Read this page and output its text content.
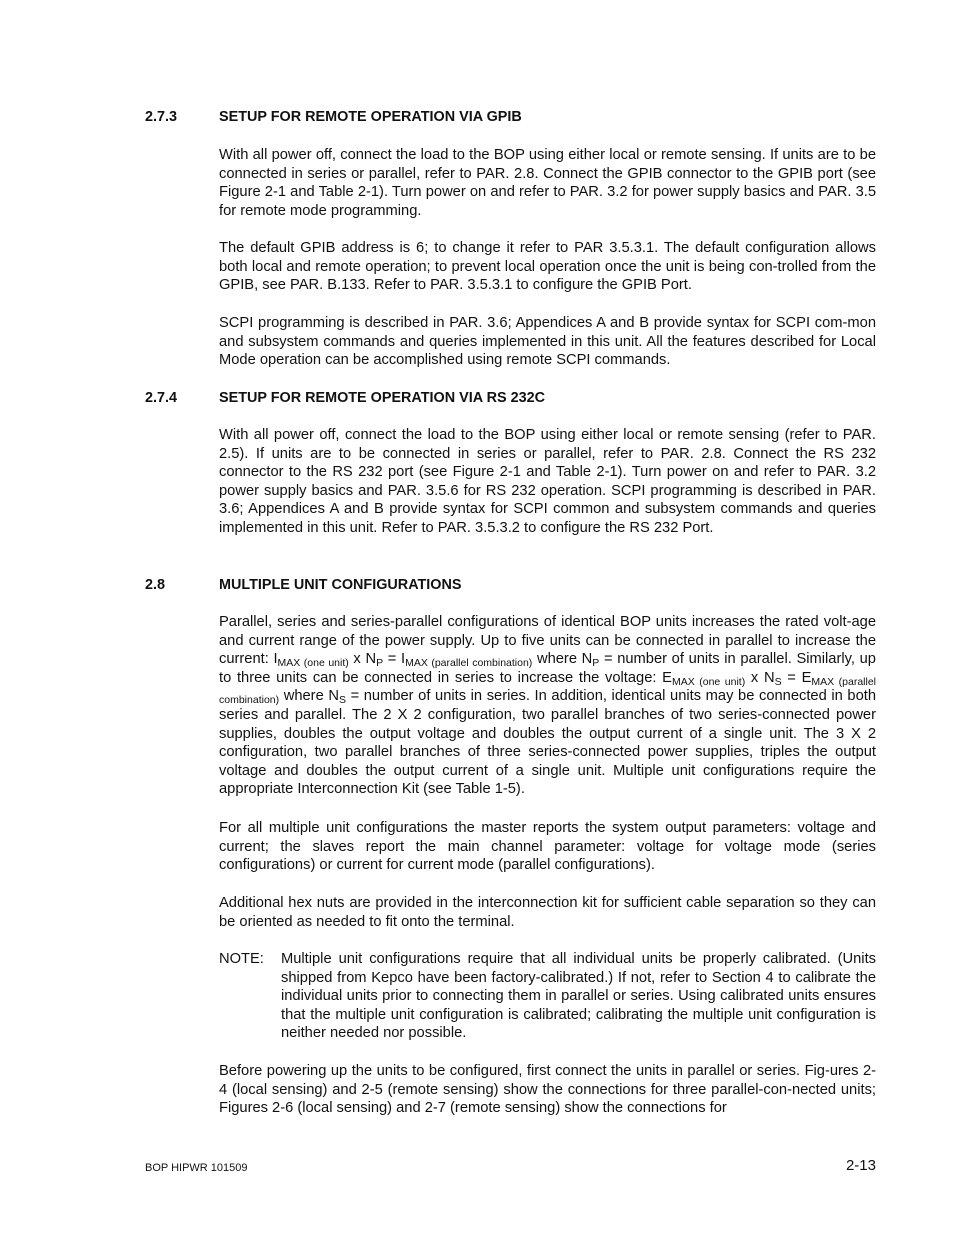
2.7.3	SETUP FOR REMOTE OPERATION VIA GPIB

With all power off, connect the load to the BOP using either local or remote sensing. If units are to be connected in series or parallel, refer to PAR. 2.8. Connect the GPIB connector to the GPIB port (see Figure 2-1 and Table 2-1). Turn power on and refer to PAR. 3.2 for power supply basics and PAR. 3.5 for remote mode programming.

The default GPIB address is 6; to change it refer to PAR 3.5.3.1. The default configuration allows both local and remote operation; to prevent local operation once the unit is being con-trolled from the GPIB, see PAR. B.133. Refer to PAR. 3.5.3.1 to configure the GPIB Port.

SCPI programming is described in PAR. 3.6; Appendices A and B provide syntax for SCPI com-mon and subsystem commands and queries implemented in this unit. All the features described for Local Mode operation can be accomplished using remote SCPI commands.

2.7.4	SETUP FOR REMOTE OPERATION VIA RS 232C

With all power off, connect the load to the BOP using either local or remote sensing (refer to PAR. 2.5). If units are to be connected in series or parallel, refer to PAR. 2.8. Connect the RS 232 connector to the RS 232 port (see Figure 2-1 and Table 2-1). Turn power on and refer to PAR. 3.2 power supply basics and PAR. 3.5.6 for RS 232 operation. SCPI programming is described in PAR. 3.6; Appendices A and B provide syntax for SCPI common and subsystem commands and queries implemented in this unit. Refer to PAR. 3.5.3.2 to configure the RS 232 Port.

2.8	MULTIPLE UNIT CONFIGURATIONS

Parallel, series and series-parallel configurations of identical BOP units increases the rated volt-age and current range of the power supply. Up to five units can be connected in parallel to increase the current: $I_{MAX (one unit)}$ x $N_P = I_{MAX (parallel combination)}$ where $N_P$ = number of units in parallel. Similarly, up to three units can be connected in series to increase the voltage: $E_{MAX (one unit)}$ x $N_S = E_{MAX (parallel combination)}$ where $N_S$ = number of units in series. In addition, identical units may be connected in both series and parallel. The 2 X 2 configuration, two parallel branches of two series-connected power supplies, doubles the output voltage and doubles the output current of a single unit. The 3 X 2 configuration, two parallel branches of three series-connected power supplies, triples the output voltage and doubles the output current of a single unit. Multiple unit configurations require the appropriate Interconnection Kit (see Table 1-5).

For all multiple unit configurations the master reports the system output parameters: voltage and current; the slaves report the main channel parameter: voltage for voltage mode (series configurations) or current for current mode (parallel configurations).

Additional hex nuts are provided in the interconnection kit for sufficient cable separation so they can be oriented as needed to fit onto the terminal.

NOTE: Multiple unit configurations require that all individual units be properly calibrated. (Units shipped from Kepco have been factory-calibrated.) If not, refer to Section 4 to calibrate the individual units prior to connecting them in parallel or series. Using calibrated units ensures that the multiple unit configuration is calibrated; calibrating the multiple unit configuration is neither needed nor possible.

Before powering up the units to be configured, first connect the units in parallel or series. Fig-ures 2-4 (local sensing) and 2-5 (remote sensing) show the connections for three parallel-con-nected units; Figures 2-6 (local sensing) and 2-7 (remote sensing) show the connections for

BOP HIPWR 101509	2-13
